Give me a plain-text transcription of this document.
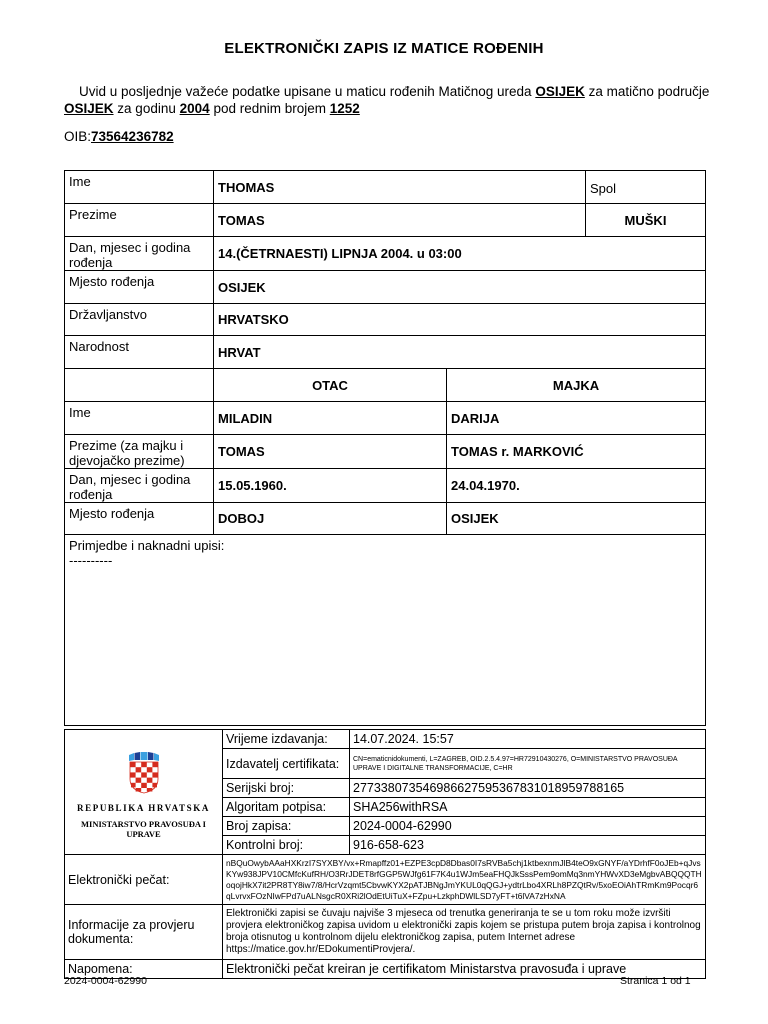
ELEKTRONIČKI ZAPIS IZ MATICE ROĐENIH
Uvid u posljednje važeće podatke upisane u maticu rođenih Matičnog ureda OSIJEK za matično područje OSIJEK za godinu 2004 pod rednim brojem 1252
OIB:73564236782
Ime	THOMAS		Spol
Prezime	TOMAS		MUŠKI
Dan, mjesec i godina rođenja	14.(ČETRNAESTI) LIPNJA 2004. u 03:00		
Mjesto rođenja	OSIJEK		
Državljanstvo	HRVATSKO		
Narodnost	HRVAT		
	OTAC	MAJKA	
Ime	MILADIN	DARIJA	
Prezime (za majku i djevojačko prezime)	TOMAS	TOMAS r. MARKOVIĆ	
Dan, mjesec i godina rođenja	15.05.1960.	24.04.1970.	
Mjesto rođenja	DOBOJ	OSIJEK	

Primjedbe i naknadni upisi:
----------			
REPUBLIKA HRVATSKA
MINISTARSTVO PRAVOSUĐA I UPRAVE	Vrijeme izdavanja:	14.07.2024. 15:57
	Izdavatelj certifikata:	CN=ematicnidokumenti, L=ZAGREB, OID.2.5.4.97=HR72910430276, O=MINISTARSTVO PRAVOSUĐA UPRAVE I DIGITALNE TRANSFORMACIJE, C=HR
	Serijski broj:	277338073546986627595367831018959788165
	Algoritam potpisa:	SHA256withRSA
	Broj zapisa:	2024-0004-62990
	Kontrolni broj:	916-658-623
Elektronički pečat:	nBQuOwybAAaHXKrzI7SYXBY/vx+Rmapffz01+EZPE3cpD8Dbas0I7sRVBa5chj1ktbexnmJlB4teO9xGNYF/aYDrhfF0oJEb+qJvsKYw938JPV10CMfcKufRH/O3RrJDET8rfGGP5WJfg61F7K4u1WJm5eaFHQJkSssPem9omMq3nmYHWvXD3eMgbvABQQQTHoqojHkX7it2PR8TY8iw7/8/HcrVzqmt5CbvwKYX2pATJBNgJmYKUL0qQGJ+ydtrLbo4XRLh8PZQtRv/5xoEOiAhTRmKm9Pocqr6qLvrvxFOzNIwFPd7uALNsgcR0XRi2lOdEtUiTuX+FZpu+LzkphDWlLSD7yFT+t6lVA7zHxNA	
Informacije za provjeru dokumenta:	Elektronički zapisi se čuvaju najviše 3 mjeseca od trenutka generiranja te se u tom roku može izvršiti provjera elektroničkog zapisa uvidom u elektronički zapis kojem se pristupa putem broja zapisa i kontrolnog broja otisnutog u kontrolnom dijelu elektroničkog zapisa, putem Internet adrese https://matice.gov.hr/EDokumentiProvjera/.	
Napomena:	Elektronički pečat kreiran je certifikatom Ministarstva pravosuđa i uprave	
2024-0004-62990	Stranica 1 od 1
